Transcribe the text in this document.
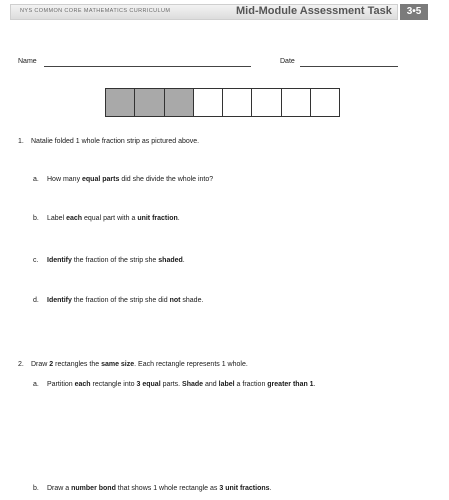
NYS COMMON CORE MATHEMATICS CURRICULUM	Mid-Module Assessment Task	3•5
Name	Date
1. Natalie folded 1 whole fraction strip as pictured above.
a. How many equal parts did she divide the whole into?
b. Label each equal part with a unit fraction.
c. Identify the fraction of the strip she shaded.
d. Identify the fraction of the strip she did not shade.
2. Draw 2 rectangles the same size. Each rectangle represents 1 whole.
a. Partition each rectangle into 3 equal parts. Shade and label a fraction greater than 1.
b. Draw a number bond that shows 1 whole rectangle as 3 unit fractions.
